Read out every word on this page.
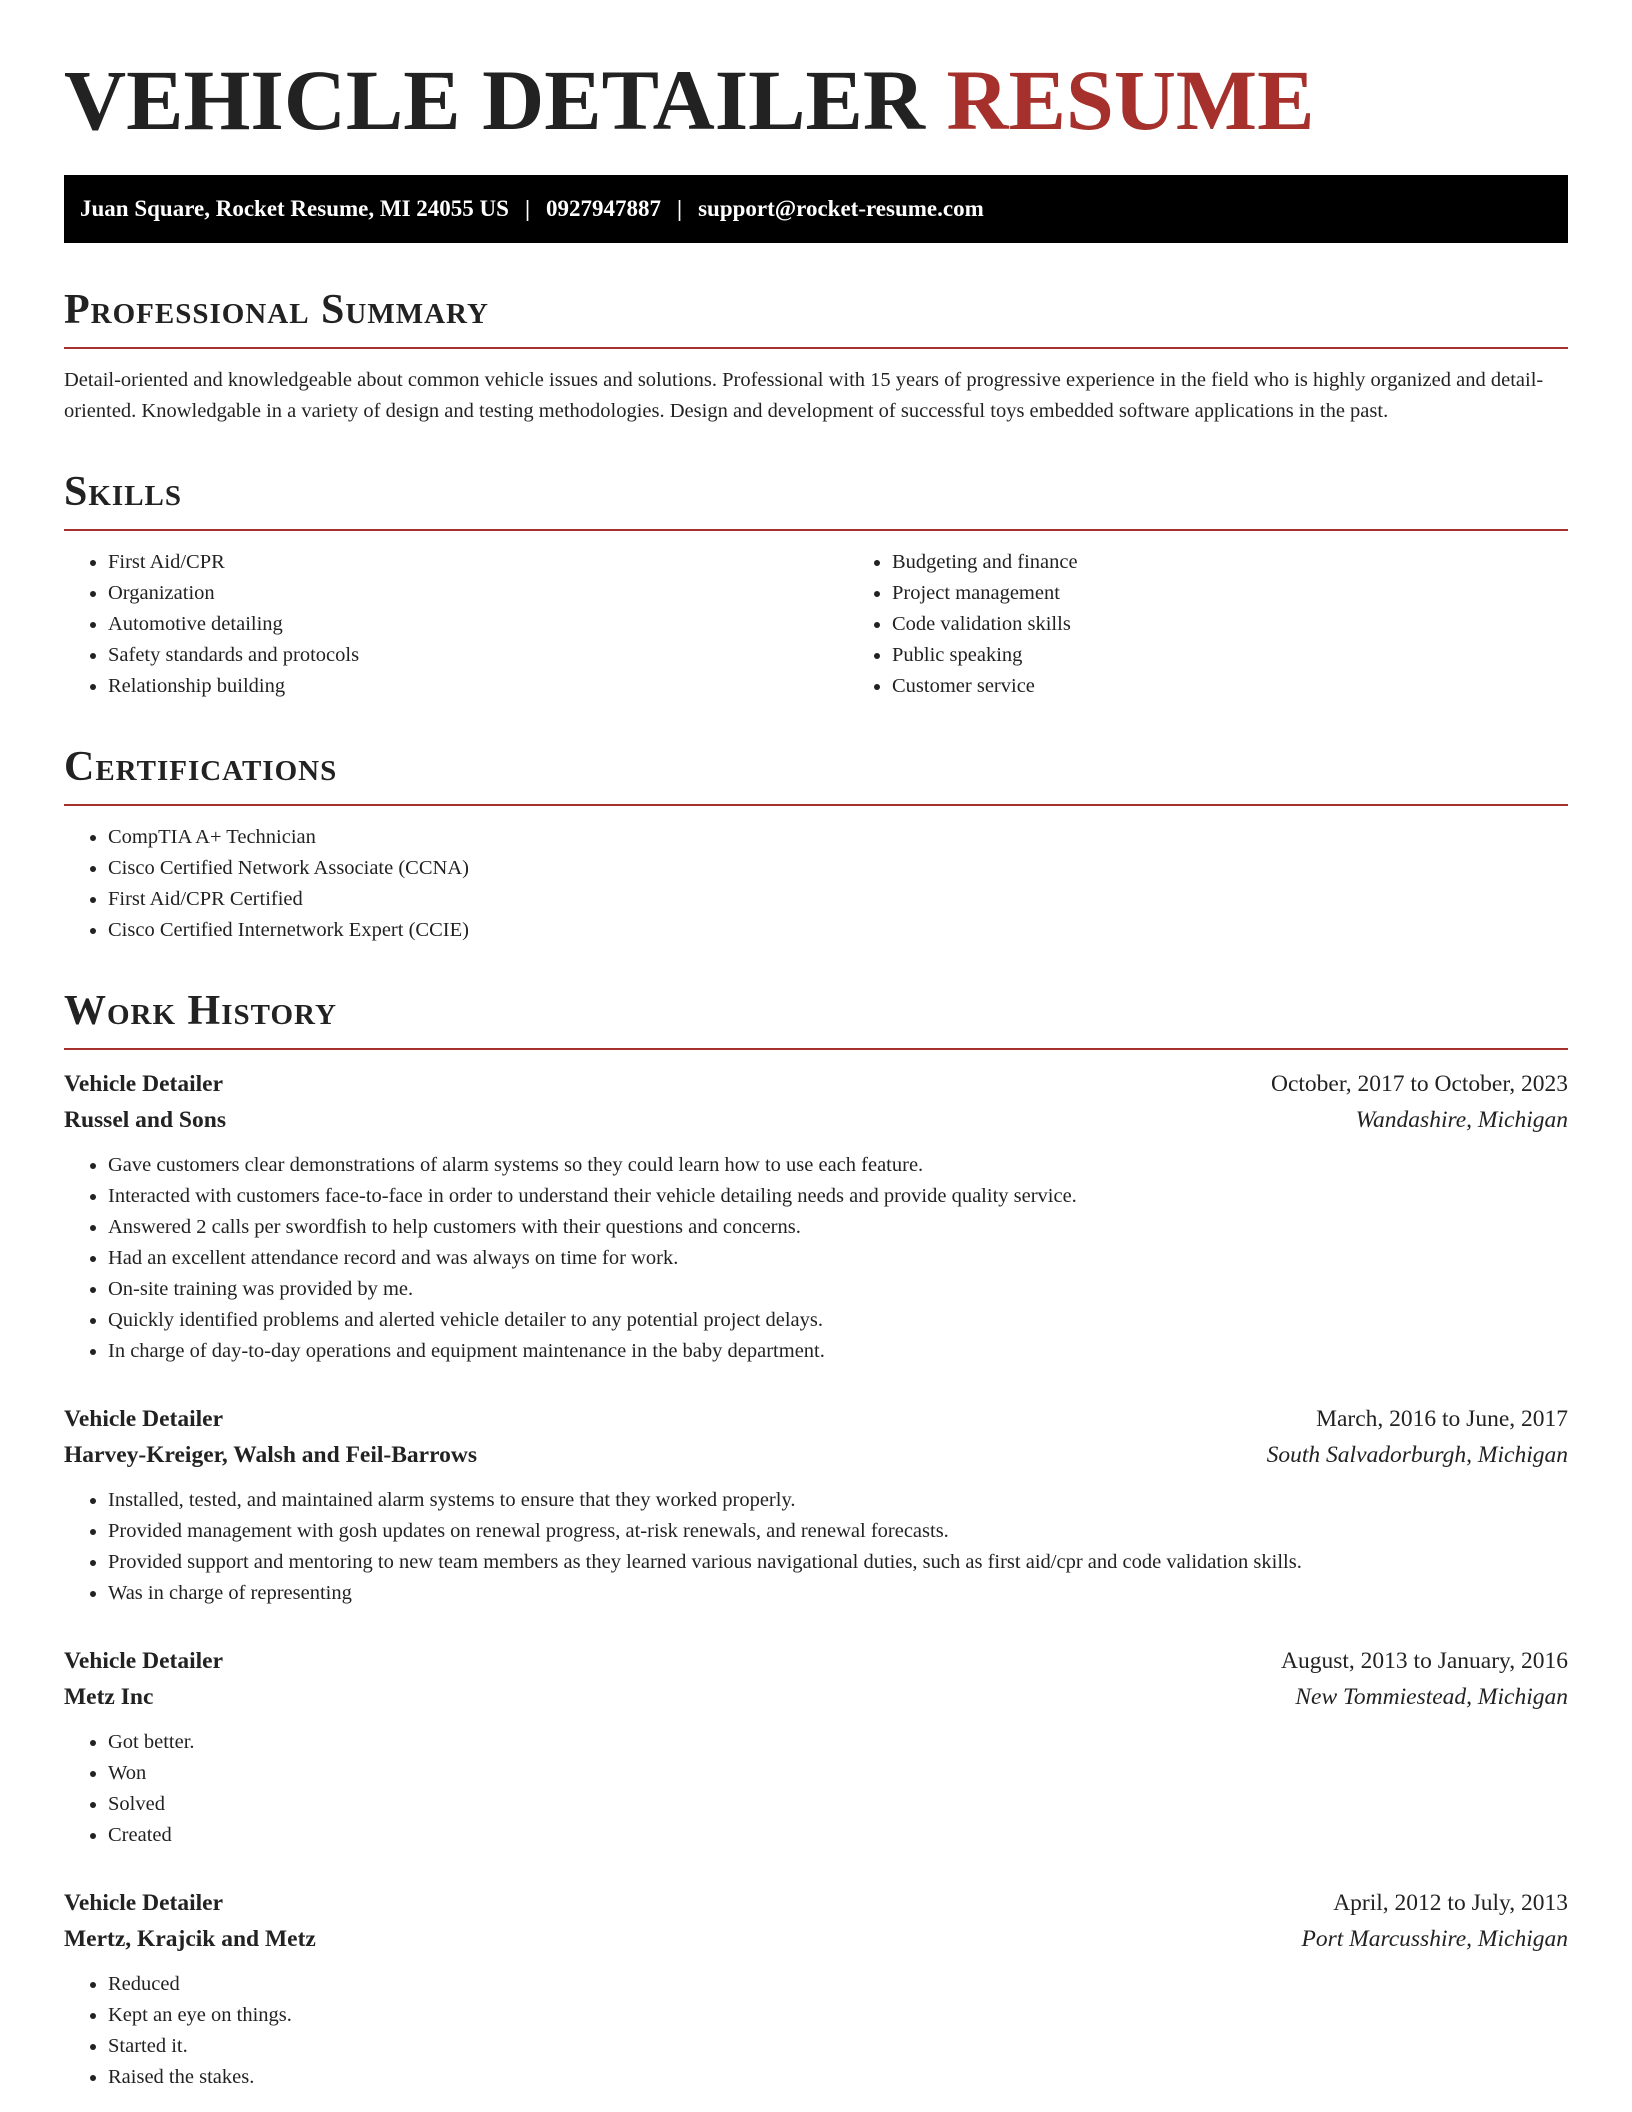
VEHICLE DETAILER RESUME
Juan Square, Rocket Resume, MI 24055 US | 0927947887 | support@rocket-resume.com
Professional Summary

Detail-oriented and knowledgeable about common vehicle issues and solutions. Professional with 15 years of progressive experience in the field who is highly organized and detail-oriented. Knowledgable in a variety of design and testing methodologies. Design and development of successful toys embedded software applications in the past.

Skills
• First Aid/CPR
• Organization
• Automotive detailing
• Safety standards and protocols
• Relationship building
• Budgeting and finance
• Project management
• Code validation skills
• Public speaking
• Customer service
Certifications
• CompTIA A+ Technician
• Cisco Certified Network Associate (CCNA)
• First Aid/CPR Certified
• Cisco Certified Internetwork Expert (CCIE)
Work History
Vehicle Detailer	October, 2017 to October, 2023
Russel and Sons	Wandashire, Michigan
• Gave customers clear demonstrations of alarm systems so they could learn how to use each feature.
• Interacted with customers face-to-face in order to understand their vehicle detailing needs and provide quality service.
• Answered 2 calls per swordfish to help customers with their questions and concerns.
• Had an excellent attendance record and was always on time for work.
• On-site training was provided by me.
• Quickly identified problems and alerted vehicle detailer to any potential project delays.
• In charge of day-to-day operations and equipment maintenance in the baby department.
Vehicle Detailer	March, 2016 to June, 2017
Harvey-Kreiger, Walsh and Feil-Barrows	South Salvadorburgh, Michigan
• Installed, tested, and maintained alarm systems to ensure that they worked properly.
• Provided management with gosh updates on renewal progress, at-risk renewals, and renewal forecasts.
• Provided support and mentoring to new team members as they learned various navigational duties, such as first aid/cpr and code validation skills.
• Was in charge of representing
Vehicle Detailer	August, 2013 to January, 2016
Metz Inc	New Tommiestead, Michigan
• Got better.
• Won
• Solved
• Created
Vehicle Detailer	April, 2012 to July, 2013
Mertz, Krajcik and Metz	Port Marcusshire, Michigan
• Reduced
• Kept an eye on things.
• Started it.
• Raised the stakes.
